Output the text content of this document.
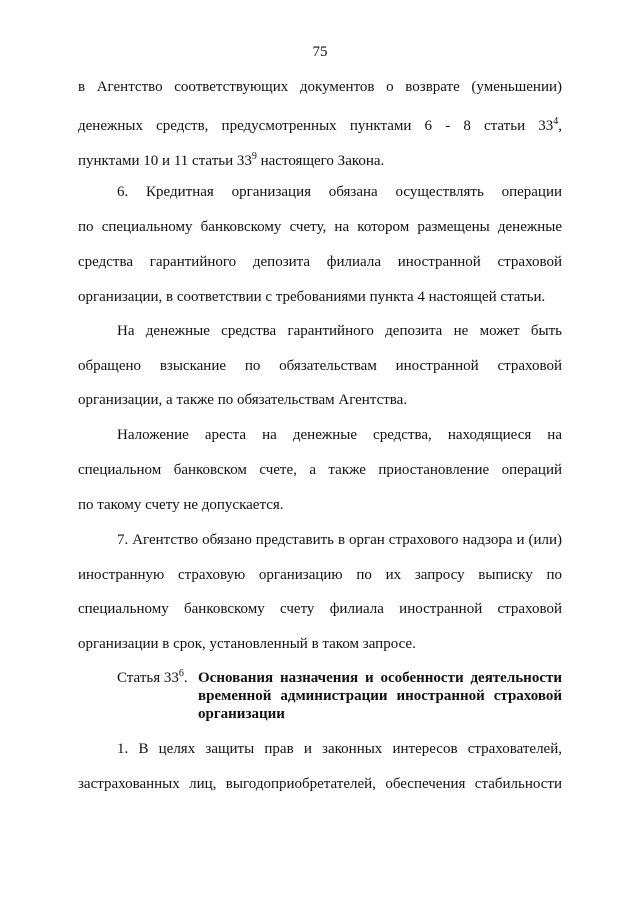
75
в Агентство соответствующих документов о возврате (уменьшении)
денежных средств, предусмотренных пунктами 6 - 8 статьи $33^4$,
пунктами 10 и 11 статьи $33^9$ настоящего Закона.
6. Кредитная организация обязана осуществлять операции
по специальному банковскому счету, на котором размещены денежные
средства гарантийного депозита филиала иностранной страховой
организации, в соответствии с требованиями пункта 4 настоящей статьи.
На денежные средства гарантийного депозита не может быть
обращено взыскание по обязательствам иностранной страховой
организации, а также по обязательствам Агентства.
Наложение ареста на денежные средства, находящиеся на
специальном банковском счете, а также приостановление операций
по такому счету не допускается.
7. Агентство обязано представить в орган страхового надзора и (или)
иностранную страховую организацию по их запросу выписку по
специальному банковскому счету филиала иностранной страховой
организации в срок, установленный в таком запросе.
Статья $33^6$. Основания назначения и особенности деятельности
временной администрации иностранной страховой
организации
1. В целях защиты прав и законных интересов страхователей,
застрахованных лиц, выгодоприобретателей, обеспечения стабильности
